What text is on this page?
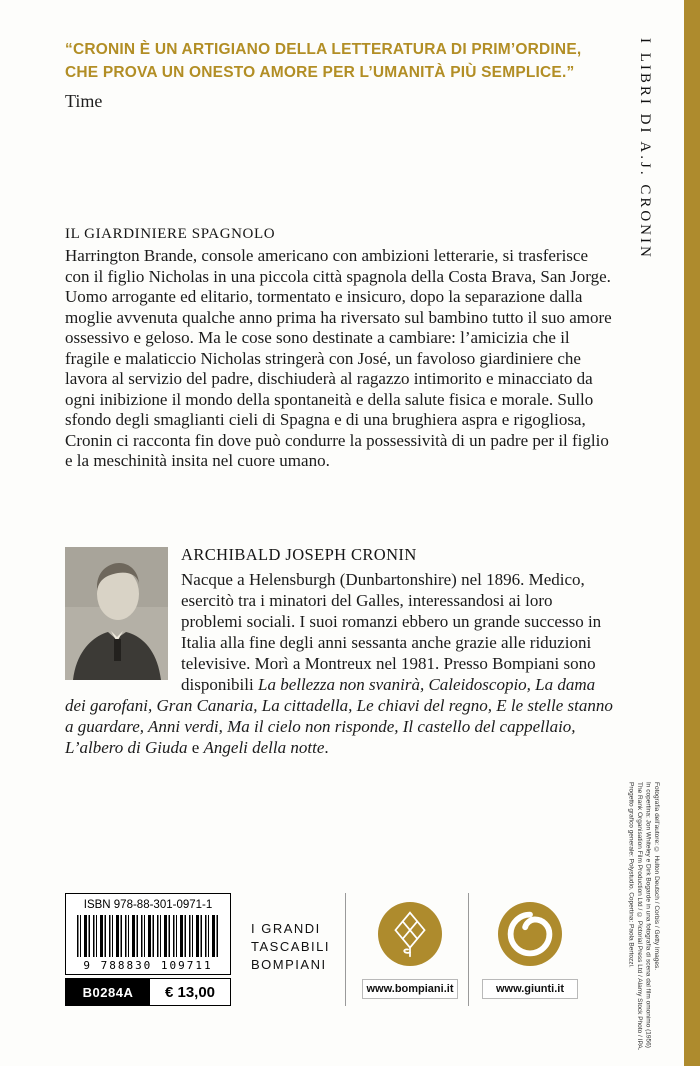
“CRONIN È UN ARTIGIANO DELLA LETTERATURA DI PRIM’ORDINE, CHE PROVA UN ONESTO AMORE PER L’UMANITÀ PIÙ SEMPLICE.”
Time
IL GIARDINIERE SPAGNOLO
Harrington Brande, console americano con ambizioni letterarie, si trasferisce con il figlio Nicholas in una piccola città spagnola della Costa Brava, San Jorge. Uomo arrogante ed elitario, tormentato e insicuro, dopo la separazione dalla moglie avvenuta qualche anno prima ha riversato sul bambino tutto il suo amore ossessivo e geloso. Ma le cose sono destinate a cambiare: l’amicizia che il fragile e malaticcio Nicholas stringerà con José, un favoloso giardiniere che lavora al servizio del padre, dischiuderà al ragazzo intimorito e minacciato da ogni inibizione il mondo della spontaneità e della salute fisica e morale. Sullo sfondo degli smaglianti cieli di Spagna e di una brughiera aspra e rigogliosa, Cronin ci racconta fin dove può condurre la possessività di un padre per il figlio e la meschinità insita nel cuore umano.
ARCHIBALD JOSEPH CRONIN
Nacque a Helensburgh (Dunbartonshire) nel 1896. Medico, esercitò tra i minatori del Galles, interessandosi ai loro problemi sociali. I suoi romanzi ebbero un grande successo in Italia alla fine degli anni sessanta anche grazie alle riduzioni televisive. Morì a Montreux nel 1981. Presso Bompiani sono disponibili La bellezza non svanirà, Caleidoscopio, La dama dei garofani, Gran Canaria, La cittadella, Le chiavi del regno, E le stelle stanno a guardare, Anni verdi, Ma il cielo non risponde, Il castello del cappellaio, L’albero di Giuda e Angeli della notte.
ISBN 978-88-301-0971-1
9 788830 109711
B0284A	€ 13,00
I GRANDI
TASCABILI
BOMPIANI
www.bompiani.it	www.giunti.it
I LIBRI DI A.J. CRONIN
Fotografia dell’autore: © Hulton Deutsch / Corbis / Getty Images.
In copertina: Jon Whiteley e Dirk Bogarde in una fotografia di scena dal film omonimo (1956)
The Rank Organisation Film Production Ltd / © Pictorial Press Ltd / Alamy Stock Photo / IPA.
Progetto grafico generale: Polystudio. Copertina: Paola Bertozzi.
